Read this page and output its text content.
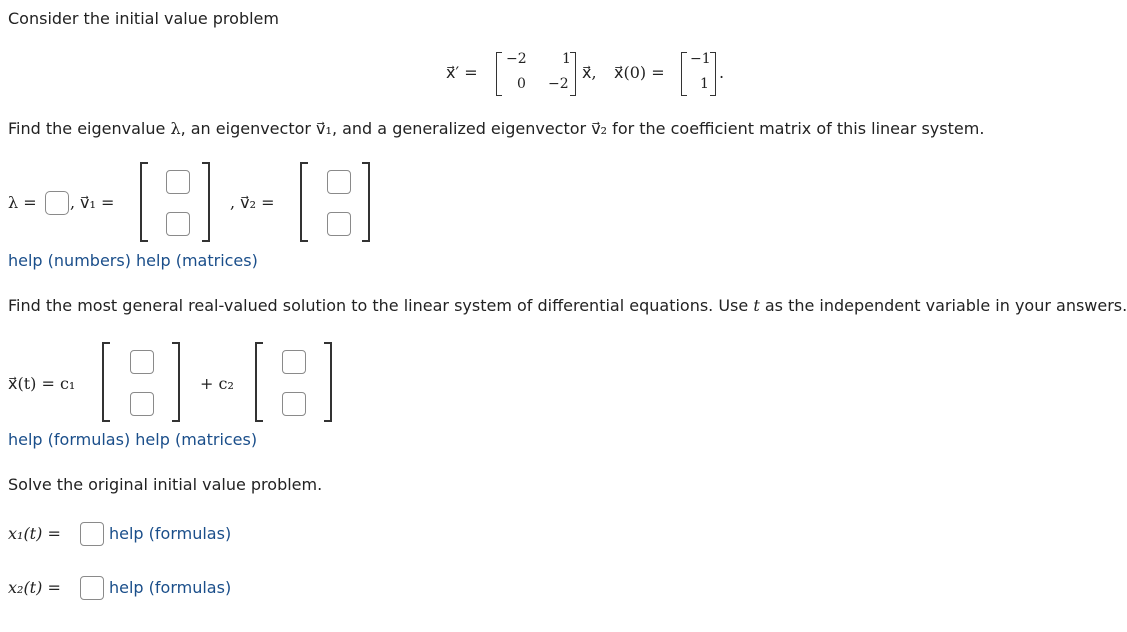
Consider the initial value problem
x⃗′ =
−2	1
0 −2
x⃗, x⃗(0) =
−1
1
.
Find the eigenvalue λ, an eigenvector v⃗₁, and a generalized eigenvector v⃗₂ for the coefficient matrix of this linear system.
λ = , v⃗₁ =	, v⃗₂ =
help (numbers) help (matrices)
Find the most general real-valued solution to the linear system of differential equations. Use t as the independent variable in your answers.
x⃗(t) = c₁	+ c₂
help (formulas) help (matrices)
Solve the original initial value problem.
x₁(t) =	help (formulas)
x₂(t) =	help (formulas)
